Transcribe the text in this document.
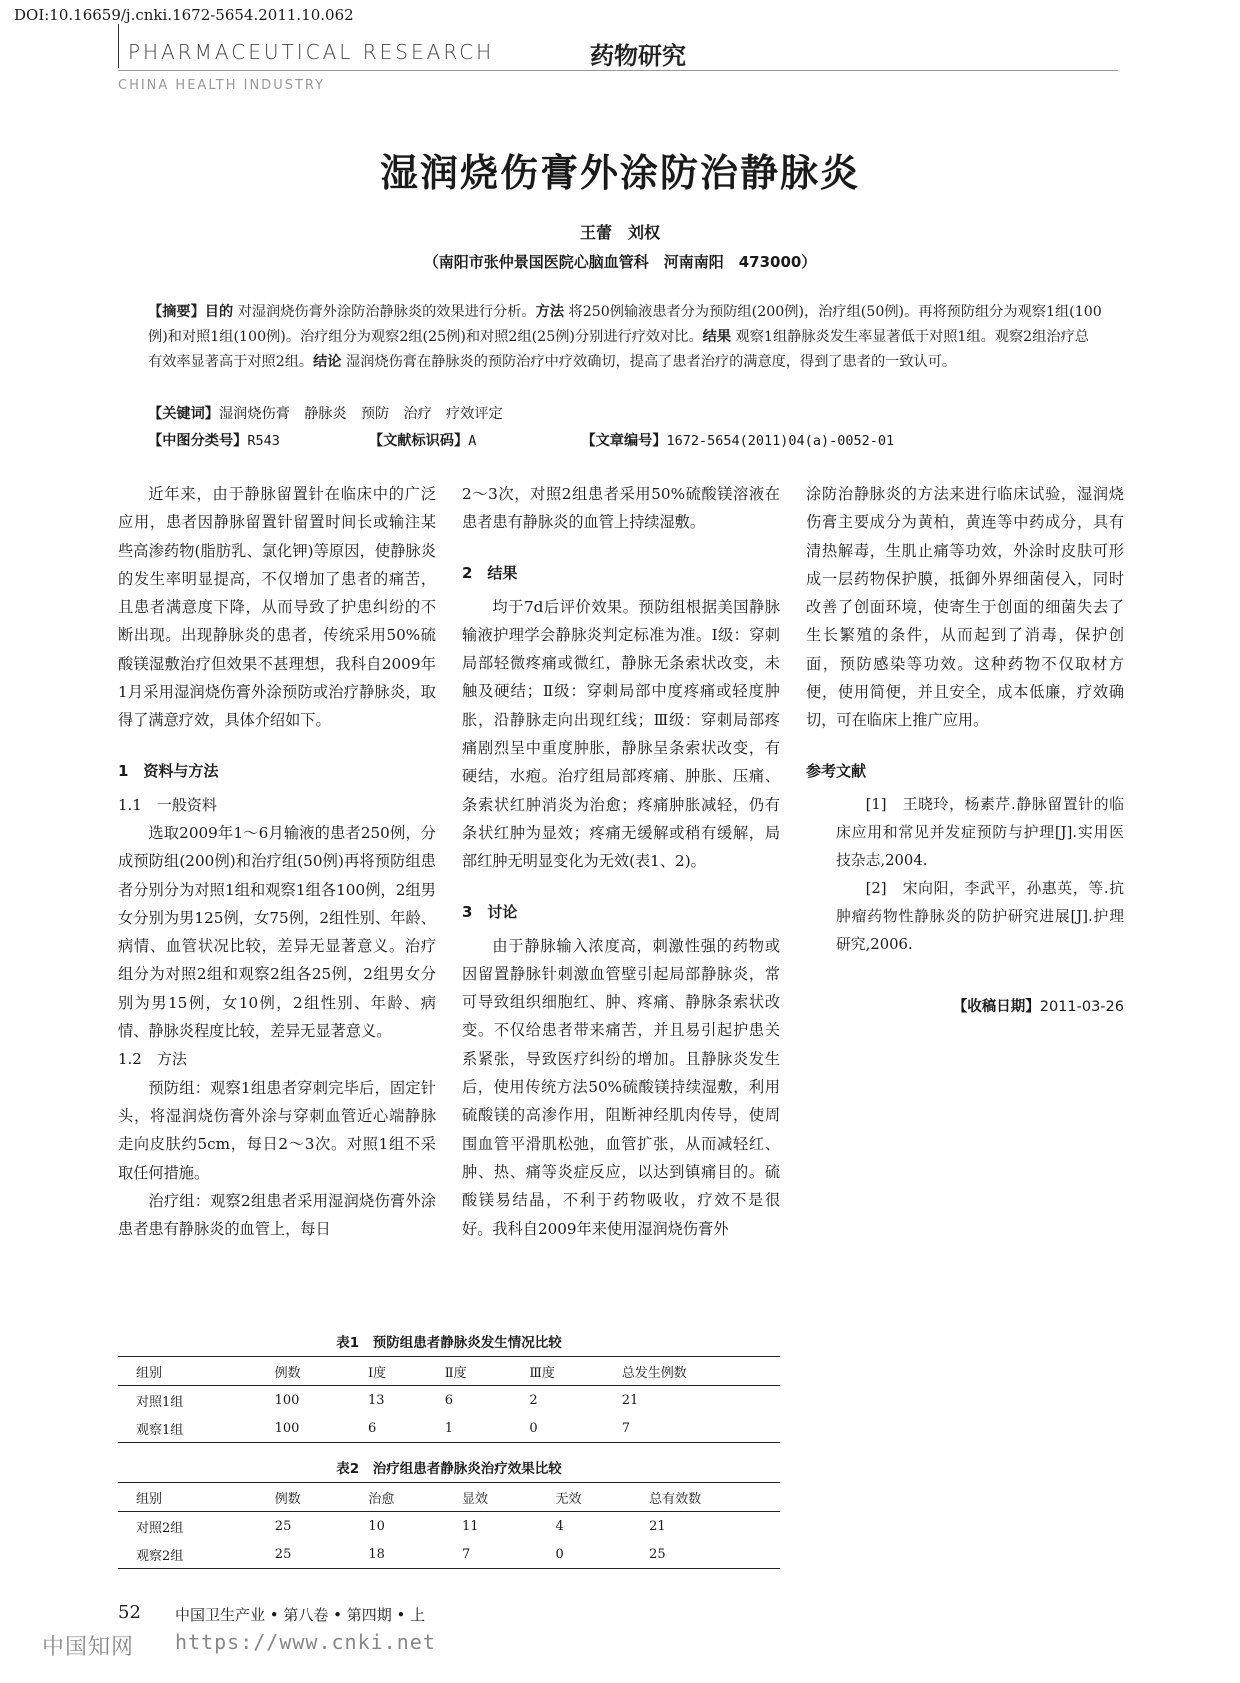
DOI:10.16659/j.cnki.1672-5654.2011.10.062
PHARMACEUTICAL RESEARCH	药物研究
CHINA HEALTH INDUSTRY
湿润烧伤膏外涂防治静脉炎
王蕾　刘权
（南阳市张仲景国医院心脑血管科　河南南阳　473000）
【摘要】目的 对湿润烧伤膏外涂防治静脉炎的效果进行分析。方法 将250例输液患者分为预防组(200例)，治疗组(50例)。再将预防组分为观察1组(100例)和对照1组(100例)。治疗组分为观察2组(25例)和对照2组(25例)分别进行疗效对比。结果 观察1组静脉炎发生率显著低于对照1组。观察2组治疗总有效率显著高于对照2组。结论 湿润烧伤膏在静脉炎的预防治疗中疗效确切，提高了患者治疗的满意度，得到了患者的一致认可。
【关键词】湿润烧伤膏　静脉炎　预防　治疗　疗效评定
【中图分类号】R543	【文献标识码】A	【文章编号】1672-5654(2011)04(a)-0052-01

近年来，由于静脉留置针在临床中的广泛应用，患者因静脉留置针留置时间长或输注某些高渗药物(脂肪乳、氯化钾)等原因，使静脉炎的发生率明显提高，不仅增加了患者的痛苦，且患者满意度下降，从而导致了护患纠纷的不断出现。出现静脉炎的患者，传统采用50%硫酸镁湿敷治疗但效果不甚理想，我科自2009年1月采用湿润烧伤膏外涂预防或治疗静脉炎，取得了满意疗效，具体介绍如下。

1　资料与方法
1.1　一般资料

选取2009年1～6月输液的患者250例，分成预防组(200例)和治疗组(50例)再将预防组患者分别分为对照1组和观察1组各100例，2组男女分别为男125例，女75例，2组性别、年龄、病情、血管状况比较，差异无显著意义。治疗组分为对照2组和观察2组各25例，2组男女分别为男15例，女10例，2组性别、年龄、病情、静脉炎程度比较，差异无显著意义。

1.2　方法

预防组：观察1组患者穿刺完毕后，固定针头，将湿润烧伤膏外涂与穿刺血管近心端静脉走向皮肤约5cm，每日2～3次。对照1组不采取任何措施。

治疗组：观察2组患者采用湿润烧伤膏外涂患者患有静脉炎的血管上，每日

2～3次，对照2组患者采用50%硫酸镁溶液在患者患有静脉炎的血管上持续湿敷。

2　结果

均于7d后评价效果。预防组根据美国静脉输液护理学会静脉炎判定标准为准。Ⅰ级：穿刺局部轻微疼痛或微红，静脉无条索状改变，未触及硬结；Ⅱ级：穿刺局部中度疼痛或轻度肿胀，沿静脉走向出现红线；Ⅲ级：穿刺局部疼痛剧烈呈中重度肿胀，静脉呈条索状改变，有硬结，水疱。治疗组局部疼痛、肿胀、压痛、条索状红肿消炎为治愈；疼痛肿胀减轻，仍有条状红肿为显效；疼痛无缓解或稍有缓解，局部红肿无明显变化为无效(表1、2)。

3　讨论

由于静脉输入浓度高，刺激性强的药物或因留置静脉针刺激血管壁引起局部静脉炎，常可导致组织细胞红、肿、疼痛、静脉条索状改变。不仅给患者带来痛苦，并且易引起护患关系紧张，导致医疗纠纷的增加。且静脉炎发生后，使用传统方法50%硫酸镁持续湿敷，利用硫酸镁的高渗作用，阻断神经肌肉传导，使周围血管平滑肌松弛，血管扩张，从而减轻红、肿、热、痛等炎症反应，以达到镇痛目的。硫酸镁易结晶，不利于药物吸收，疗效不是很好。我科自2009年来使用湿润烧伤膏外

涂防治静脉炎的方法来进行临床试验，湿润烧伤膏主要成分为黄柏，黄连等中药成分，具有清热解毒，生肌止痛等功效，外涂时皮肤可形成一层药物保护膜，抵御外界细菌侵入，同时改善了创面环境，使寄生于创面的细菌失去了生长繁殖的条件，从而起到了消毒，保护创面，预防感染等功效。这种药物不仅取材方便，使用简便，并且安全，成本低廉，疗效确切，可在临床上推广应用。

参考文献

[1]　王晓玲，杨素芹.静脉留置针的临床应用和常见并发症预防与护理[J].实用医技杂志,2004.

[2]　宋向阳，李武平，孙惠英，等.抗肿瘤药物性静脉炎的防护研究进展[J].护理研究,2006.

【收稿日期】2011-03-26
表1　预防组患者静脉炎发生情况比较
组别	例数	Ⅰ度	Ⅱ度	Ⅲ度	总发生例数
对照1组	100	13	6	2	21
观察1组	100	6	1	0	7
表2　治疗组患者静脉炎治疗效果比较
组别	例数	治愈	显效	无效	总有效数
对照2组	25	10	11	4	21
观察2组	25	18	7	0	25
52 中国卫生产业 • 第八卷 • 第四期 • 上
中国知网 https://www.cnki.net
